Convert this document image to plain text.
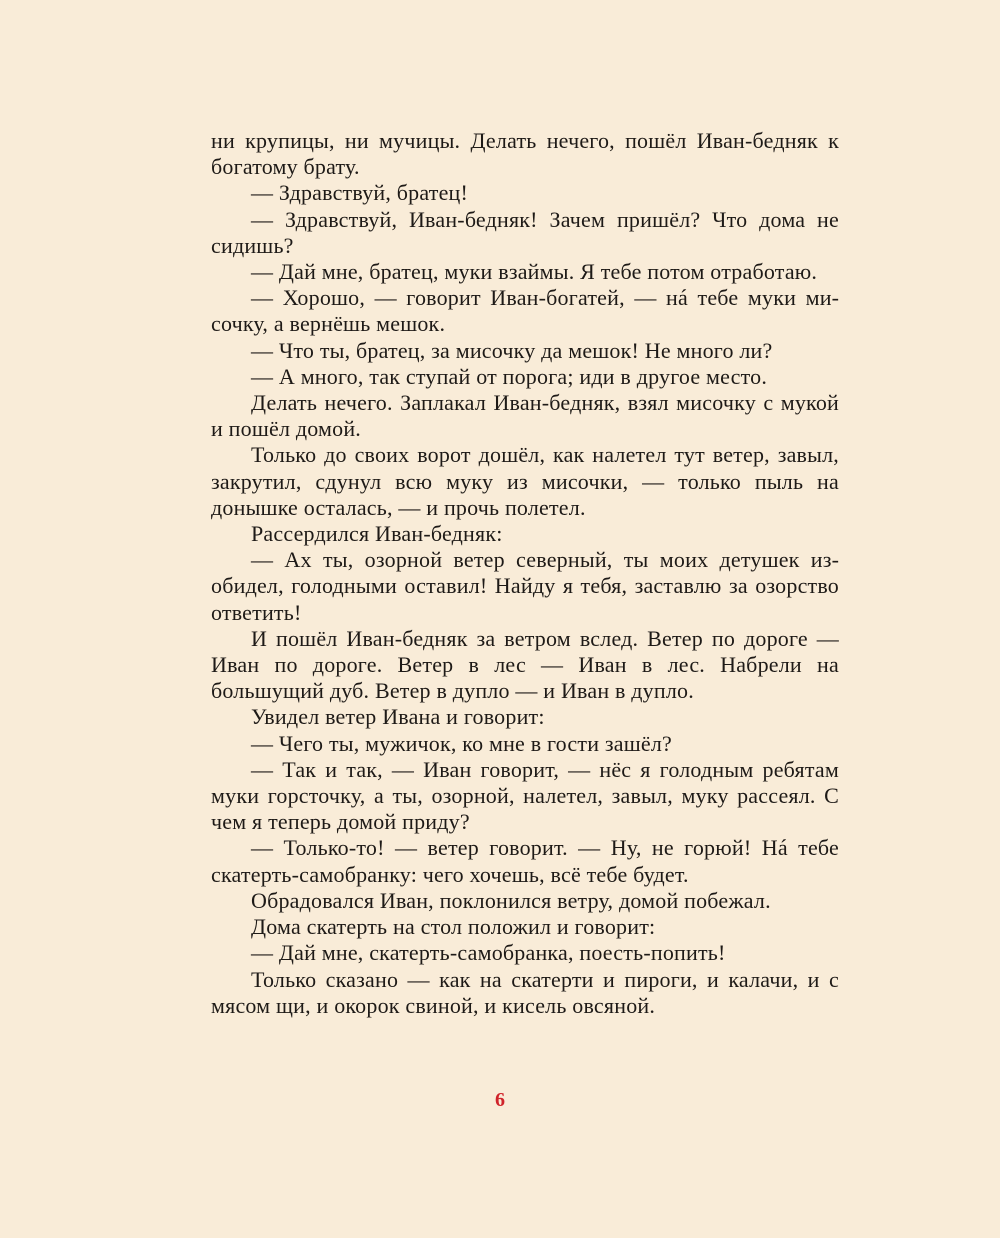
ни крупицы, ни мучицы. Делать нечего, пошёл Иван-бедняк к богатому брату.

— Здравствуй, братец!

— Здравствуй, Иван-бедняк! Зачем пришёл? Что дома не сидишь?

— Дай мне, братец, муки взаймы. Я тебе потом отработаю.

— Хорошо, — говорит Иван-богатей, — нá тебе муки мисочку, а вернёшь мешок.

— Что ты, братец, за мисочку да мешок! Не много ли?

— А много, так ступай от порога; иди в другое место.

Делать нечего. Заплакал Иван-бедняк, взял мисочку с мукой и пошёл домой.

Только до своих ворот дошёл, как налетел тут ветер, завыл, закрутил, сдунул всю муку из мисочки, — только пыль на донышке осталась, — и прочь полетел.

Рассердился Иван-бедняк:

— Ах ты, озорной ветер северный, ты моих детушек изобидел, голодными оставил! Найду я тебя, заставлю за озорство ответить!

И пошёл Иван-бедняк за ветром вслед. Ветер по дороге — Иван по дороге. Ветер в лес — Иван в лес. Набрели на большущий дуб. Ветер в дупло — и Иван в дупло.

Увидел ветер Ивана и говорит:

— Чего ты, мужичок, ко мне в гости зашёл?

— Так и так, — Иван говорит, — нёс я голодным ребятам муки горсточку, а ты, озорной, налетел, завыл, муку рассеял. С чем я теперь домой приду?

— Только-то! — ветер говорит. — Ну, не горюй! Нá тебе скатерть-самобранку: чего хочешь, всё тебе будет.

Обрадовался Иван, поклонился ветру, домой побежал.

Дома скатерть на стол положил и говорит:

— Дай мне, скатерть-самобранка, поесть-попить!

Только сказано — как на скатерти и пироги, и калачи, и с мясом щи, и окорок свиной, и кисель овсяной.

6
